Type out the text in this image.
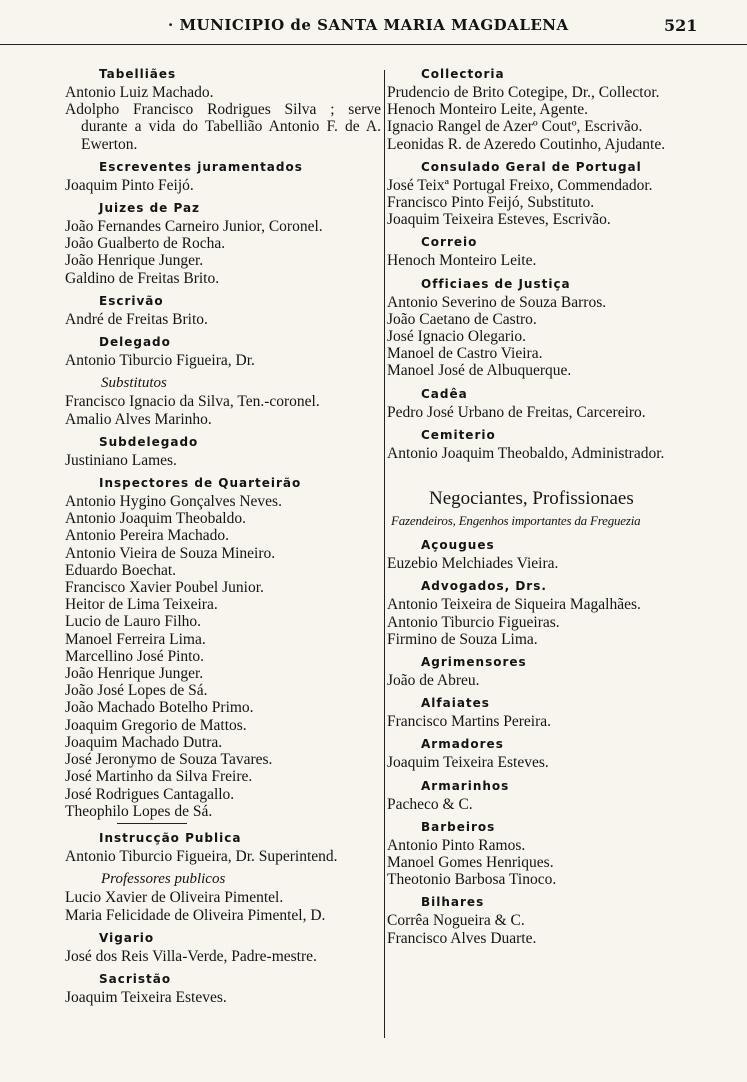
· MUNICIPIO de SANTA MARIA MAGDALENA	521
Tabelliães
Antonio Luiz Machado.
Adolpho Francisco Rodrigues Silva ; serve durante a vida do Tabellião Antonio F. de A. Ewerton.
Escreventes juramentados
Joaquim Pinto Feijó.
Juizes de Paz
João Fernandes Carneiro Junior, Coronel.
João Gualberto de Rocha.
João Henrique Junger.
Galdino de Freitas Brito.
Escrivão
André de Freitas Brito.
Delegado
Antonio Tiburcio Figueira, Dr.
Substitutos
Francisco Ignacio da Silva, Ten.-coronel.
Amalio Alves Marinho.
Subdelegado
Justiniano Lames.
Inspectores de Quarteirão
Antonio Hygino Gonçalves Neves.
Antonio Joaquim Theobaldo.
Antonio Pereira Machado.
Antonio Vieira de Souza Mineiro.
Eduardo Boechat.
Francisco Xavier Poubel Junior.
Heitor de Lima Teixeira.
Lucio de Lauro Filho.
Manoel Ferreira Lima.
Marcellino José Pinto.
João Henrique Junger.
João José Lopes de Sá.
João Machado Botelho Primo.
Joaquim Gregorio de Mattos.
Joaquim Machado Dutra.
José Jeronymo de Souza Tavares.
José Martinho da Silva Freire.
José Rodrigues Cantagallo.
Theophilo Lopes de Sá.
Instrucção Publica
Antonio Tiburcio Figueira, Dr. Superintend.
Professores publicos
Lucio Xavier de Oliveira Pimentel.
Maria Felicidade de Oliveira Pimentel, D.
Vigario
José dos Reis Villa-Verde, Padre-mestre.
Sacristão
Joaquim Teixeira Esteves.
Collectoria
Prudencio de Brito Cotegipe, Dr., Collector.
Henoch Monteiro Leite, Agente.
Ignacio Rangel de Azerº Coutº, Escrivão.
Leonidas R. de Azeredo Coutinho, Ajudante.
Consulado Geral de Portugal
José Teixª Portugal Freixo, Commendador.
Francisco Pinto Feijó, Substituto.
Joaquim Teixeira Esteves, Escrivão.
Correio
Henoch Monteiro Leite.
Officiaes de Justiça
Antonio Severino de Souza Barros.
João Caetano de Castro.
José Ignacio Olegario.
Manoel de Castro Vieira.
Manoel José de Albuquerque.
Cadêa
Pedro José Urbano de Freitas, Carcereiro.
Cemiterio
Antonio Joaquim Theobaldo, Administrador.
Negociantes, Profissionaes
Fazendeiros, Engenhos importantes da Freguezia
Açougues
Euzebio Melchiades Vieira.
Advogados, Drs.
Antonio Teixeira de Siqueira Magalhães.
Antonio Tiburcio Figueiras.
Firmino de Souza Lima.
Agrimensores
João de Abreu.
Alfaiates
Francisco Martins Pereira.
Armadores
Joaquim Teixeira Esteves.
Armarinhos
Pacheco & C.
Barbeiros
Antonio Pinto Ramos.
Manoel Gomes Henriques.
Theotonio Barbosa Tinoco.
Bilhares
Corrêa Nogueira & C.
Francisco Alves Duarte.
